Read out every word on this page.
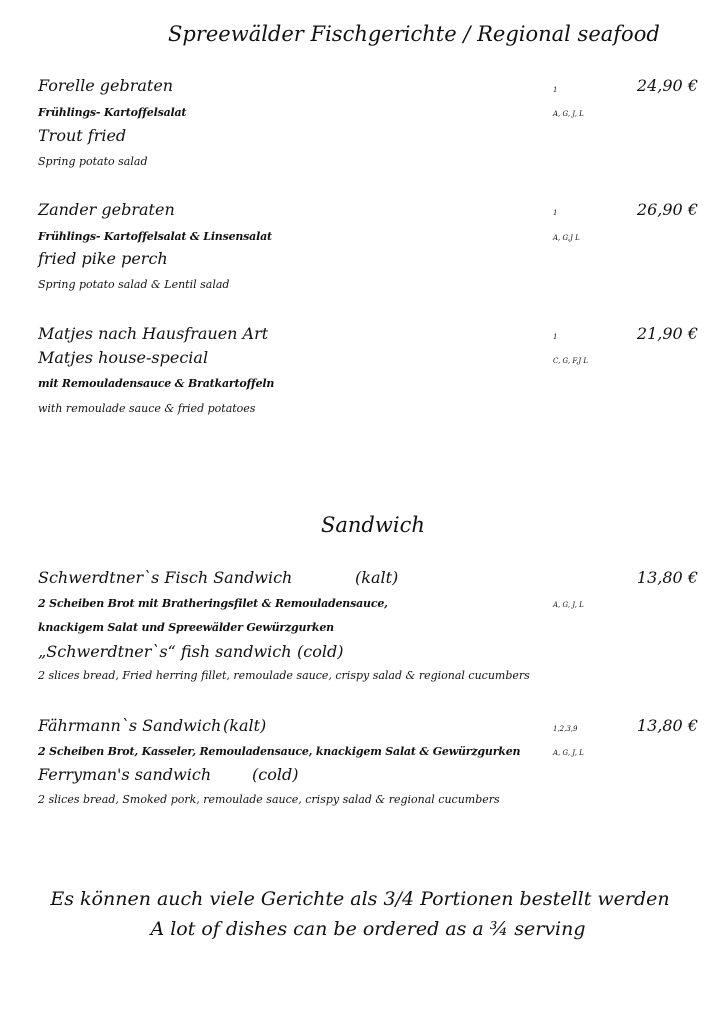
Spreewälder Fischgerichte / Regional seafood
Forelle gebraten	1	24,90 €
Frühlings- Kartoffelsalat	A, G, J, L
Trout fried
Spring potato salad
Zander gebraten	1	26,90 €
Frühlings- Kartoffelsalat & Linsensalat	A, G,J L
fried pike perch
Spring potato salad & Lentil salad
Matjes nach Hausfrauen Art	1	21,90 €
Matjes house-special	C, G, F,J L
mit Remouladensauce & Bratkartoffeln
with remoulade sauce & fried potatoes
Sandwich
Schwerdtner`s Fisch Sandwich	(kalt)	13,80 €
2 Scheiben Brot mit Bratheringsfilet & Remouladensauce,	A, G, J, L
knackigem Salat und Spreewälder Gewürzgurken
„Schwerdtner`s“ fish sandwich (cold)
2 slices bread, Fried herring fillet, remoulade sauce, crispy salad & regional cucumbers
Fährmann`s Sandwich (kalt)	1,2,3,9	13,80 €
2 Scheiben Brot, Kasseler, Remouladensauce, knackigem Salat & Gewürzgurken	A, G, J, L
Ferryman's sandwich	(cold)
2 slices bread, Smoked pork, remoulade sauce, crispy salad & regional cucumbers
Es können auch viele Gerichte als 3/4 Portionen bestellt werden
A lot of dishes can be ordered as a ¾ serving
